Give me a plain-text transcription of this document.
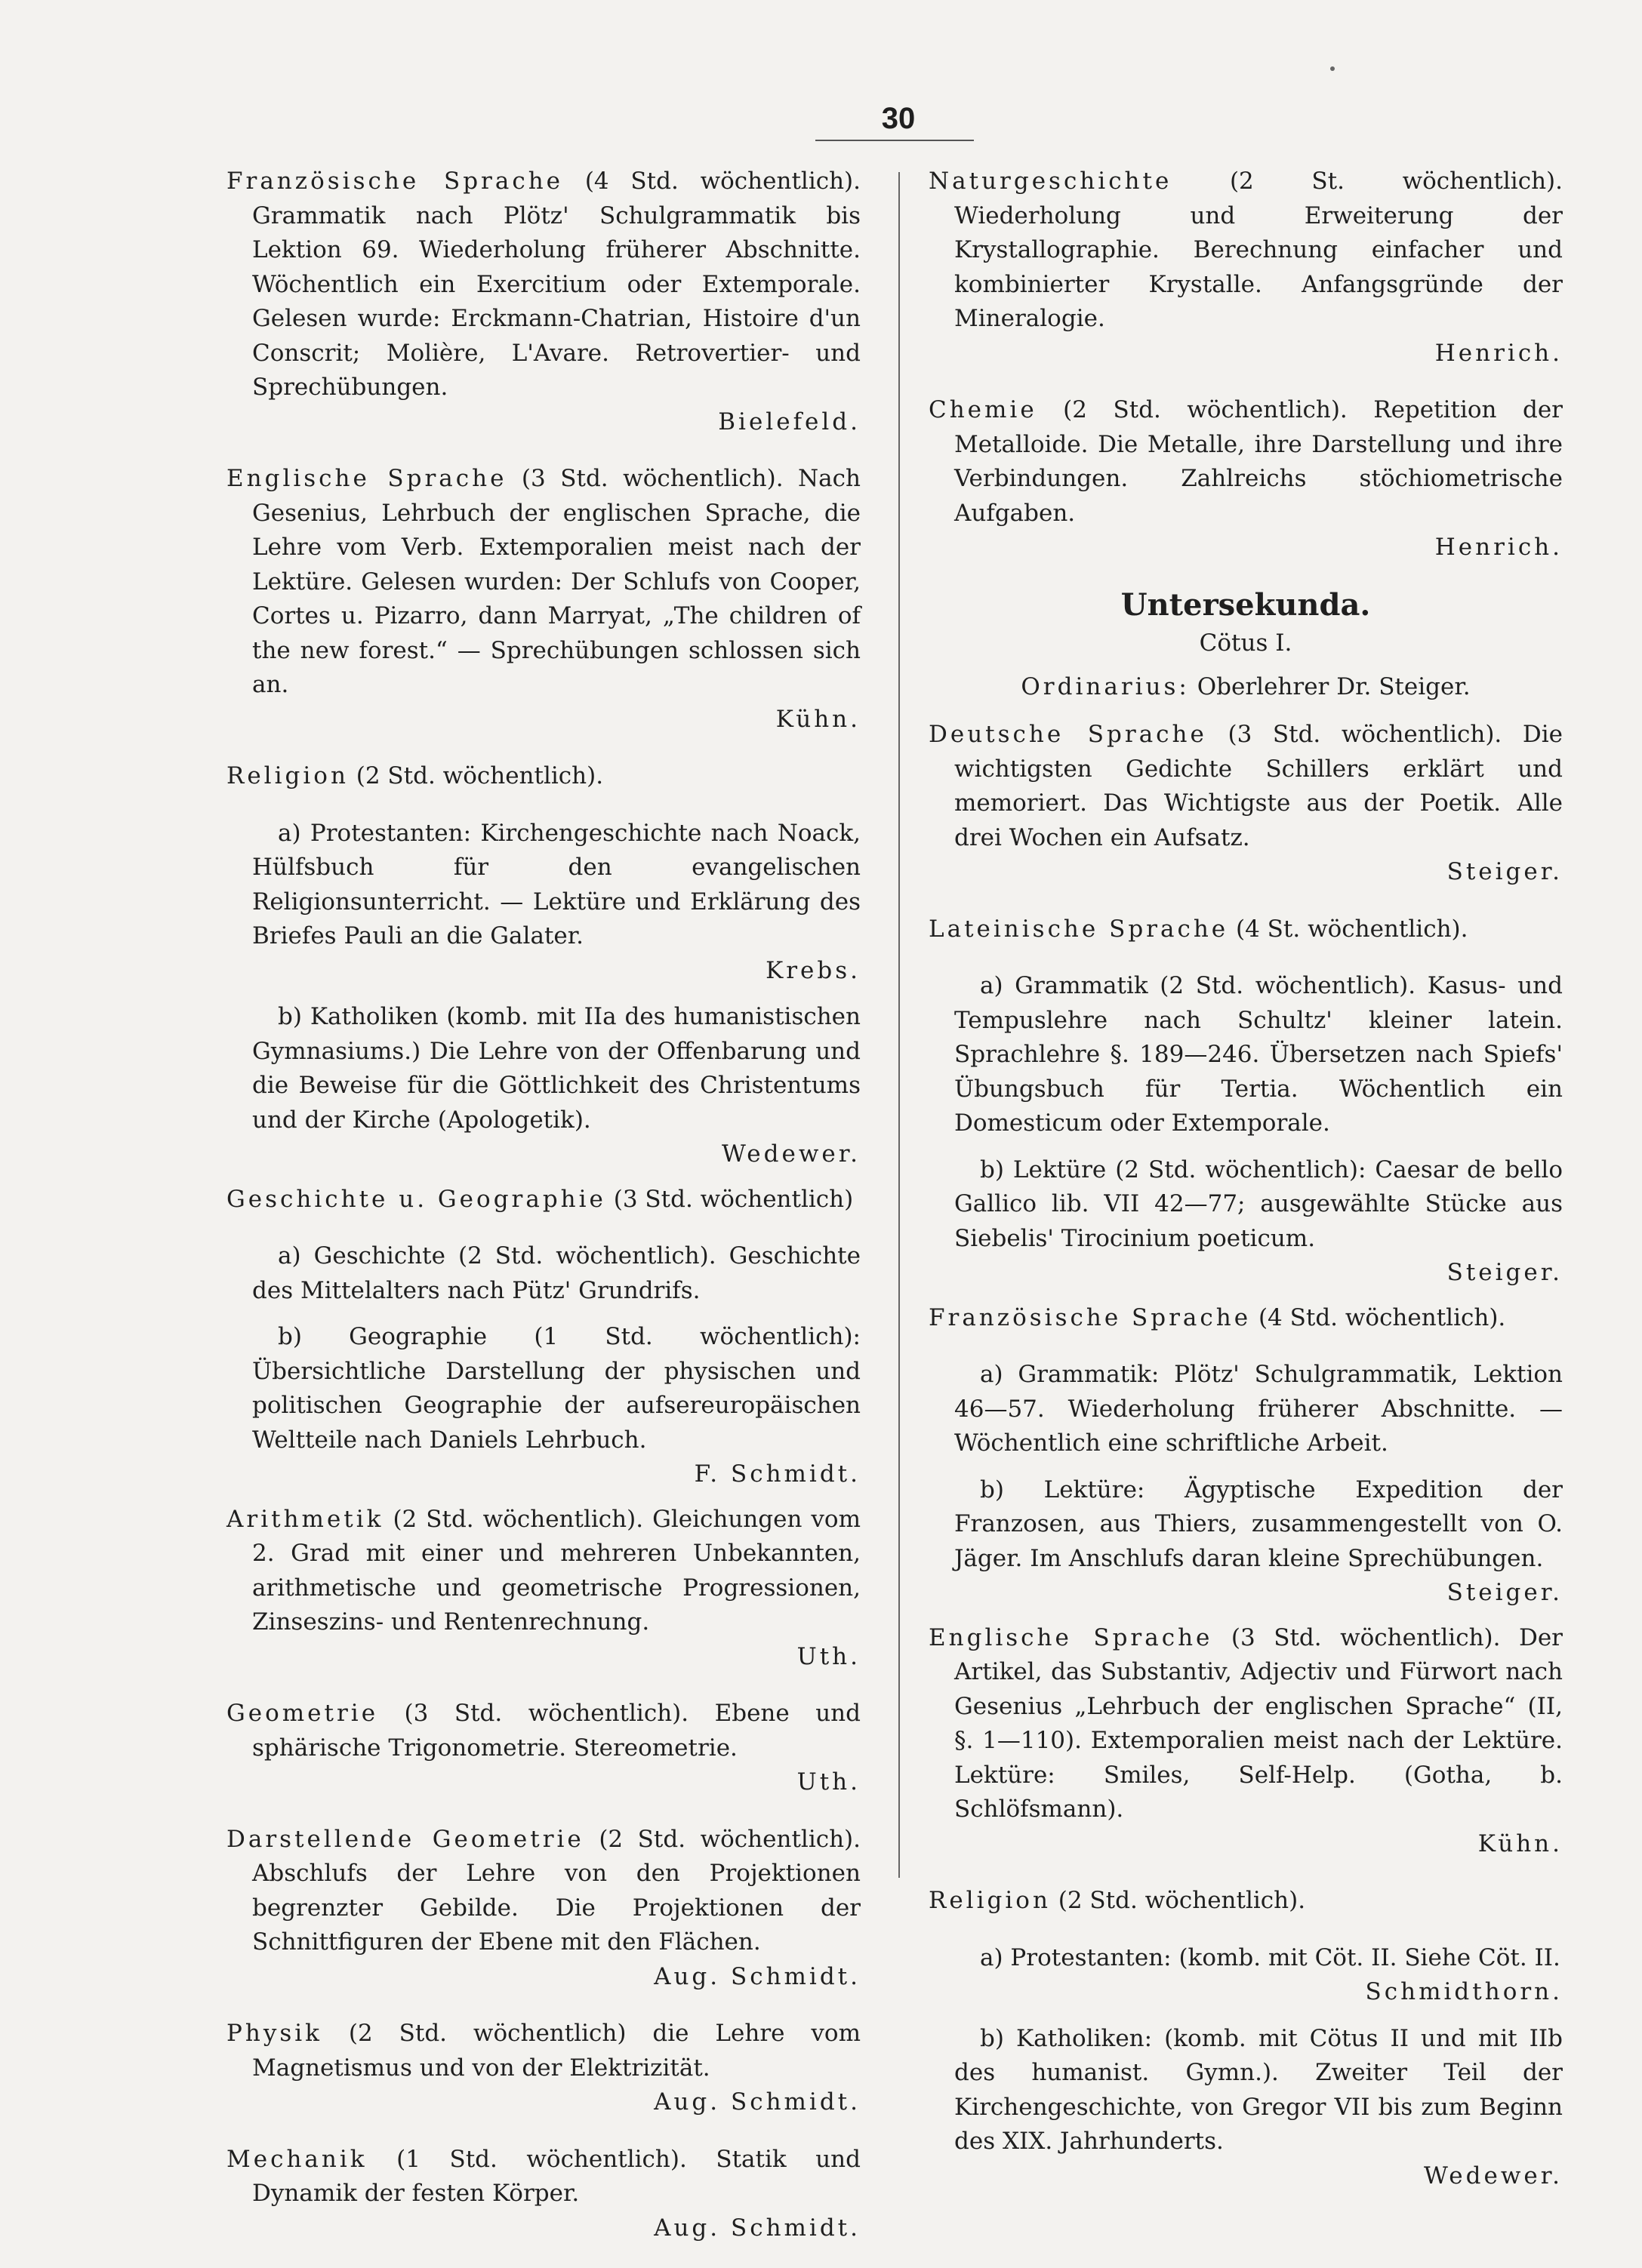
30
Französische Sprache (4 Std. wöchentlich). Grammatik nach Plötz' Schulgrammatik bis Lektion 69. Wiederholung früherer Abschnitte. Wöchentlich ein Exercitium oder Extemporale. Gelesen wurde: Erckmann-Chatrian, Histoire d'un Conscrit; Molière, L'Avare. Retrovertier- und Sprechübungen.
Bielefeld.
Englische Sprache (3 Std. wöchentlich). Nach Gesenius, Lehrbuch der englischen Sprache, die Lehre vom Verb. Extemporalien meist nach der Lektüre. Gelesen wurden: Der Schlufs von Cooper, Cortes u. Pizarro, dann Marryat, „The children of the new forest.“ — Sprechübungen schlossen sich an.
Kühn.
Religion (2 Std. wöchentlich).
a) Protestanten: Kirchengeschichte nach Noack, Hülfsbuch für den evangelischen Religionsunterricht. — Lektüre und Erklärung des Briefes Pauli an die Galater.
Krebs.
b) Katholiken (komb. mit IIa des humanistischen Gymnasiums.) Die Lehre von der Offenbarung und die Beweise für die Göttlichkeit des Christentums und der Kirche (Apologetik).
Wedewer.
Geschichte u. Geographie (3 Std. wöchentlich)
a) Geschichte (2 Std. wöchentlich). Geschichte des Mittelalters nach Pütz' Grundrifs.
b) Geographie (1 Std. wöchentlich): Übersichtliche Darstellung der physischen und politischen Geographie der aufsereuropäischen Weltteile nach Daniels Lehrbuch.
F. Schmidt.
Arithmetik (2 Std. wöchentlich). Gleichungen vom 2. Grad mit einer und mehreren Unbekannten, arithmetische und geometrische Progressionen, Zinseszins- und Rentenrechnung.
Uth.
Geometrie (3 Std. wöchentlich). Ebene und sphärische Trigonometrie. Stereometrie.
Uth.
Darstellende Geometrie (2 Std. wöchentlich). Abschlufs der Lehre von den Projektionen begrenzter Gebilde. Die Projektionen der Schnittfiguren der Ebene mit den Flächen.
Aug. Schmidt.
Physik (2 Std. wöchentlich) die Lehre vom Magnetismus und von der Elektrizität.
Aug. Schmidt.
Mechanik (1 Std. wöchentlich). Statik und Dynamik der festen Körper.
Aug. Schmidt.
Naturgeschichte (2 St. wöchentlich). Wiederholung und Erweiterung der Krystallographie. Berechnung einfacher und kombinierter Krystalle. Anfangsgründe der Mineralogie.
Henrich.
Chemie (2 Std. wöchentlich). Repetition der Metalloide. Die Metalle, ihre Darstellung und ihre Verbindungen. Zahlreichs stöchiometrische Aufgaben.
Henrich.
Untersekunda.
Cötus I.
Ordinarius: Oberlehrer Dr. Steiger.
Deutsche Sprache (3 Std. wöchentlich). Die wichtigsten Gedichte Schillers erklärt und memoriert. Das Wichtigste aus der Poetik. Alle drei Wochen ein Aufsatz.
Steiger.
Lateinische Sprache (4 St. wöchentlich).
a) Grammatik (2 Std. wöchentlich). Kasus- und Tempuslehre nach Schultz' kleiner latein. Sprachlehre §. 189—246. Übersetzen nach Spiefs' Übungsbuch für Tertia. Wöchentlich ein Domesticum oder Extemporale.
b) Lektüre (2 Std. wöchentlich): Caesar de bello Gallico lib. VII 42—77; ausgewählte Stücke aus Siebelis' Tirocinium poeticum.
Steiger.
Französische Sprache (4 Std. wöchentlich).
a) Grammatik: Plötz' Schulgrammatik, Lektion 46—57. Wiederholung früherer Abschnitte. — Wöchentlich eine schriftliche Arbeit.
b) Lektüre: Ägyptische Expedition der Franzosen, aus Thiers, zusammengestellt von O. Jäger. Im Anschlufs daran kleine Sprechübungen.
Steiger.
Englische Sprache (3 Std. wöchentlich). Der Artikel, das Substantiv, Adjectiv und Fürwort nach Gesenius „Lehrbuch der englischen Sprache“ (II, §. 1—110). Extemporalien meist nach der Lektüre. Lektüre: Smiles, Self-Help. (Gotha, b. Schlöfsmann).
Kühn.
Religion (2 Std. wöchentlich).
a) Protestanten: (komb. mit Cöt. II. Siehe Cöt. II.
Schmidthorn.
b) Katholiken: (komb. mit Cötus II und mit IIb des humanist. Gymn.). Zweiter Teil der Kirchengeschichte, von Gregor VII bis zum Beginn des XIX. Jahrhunderts.
Wedewer.
